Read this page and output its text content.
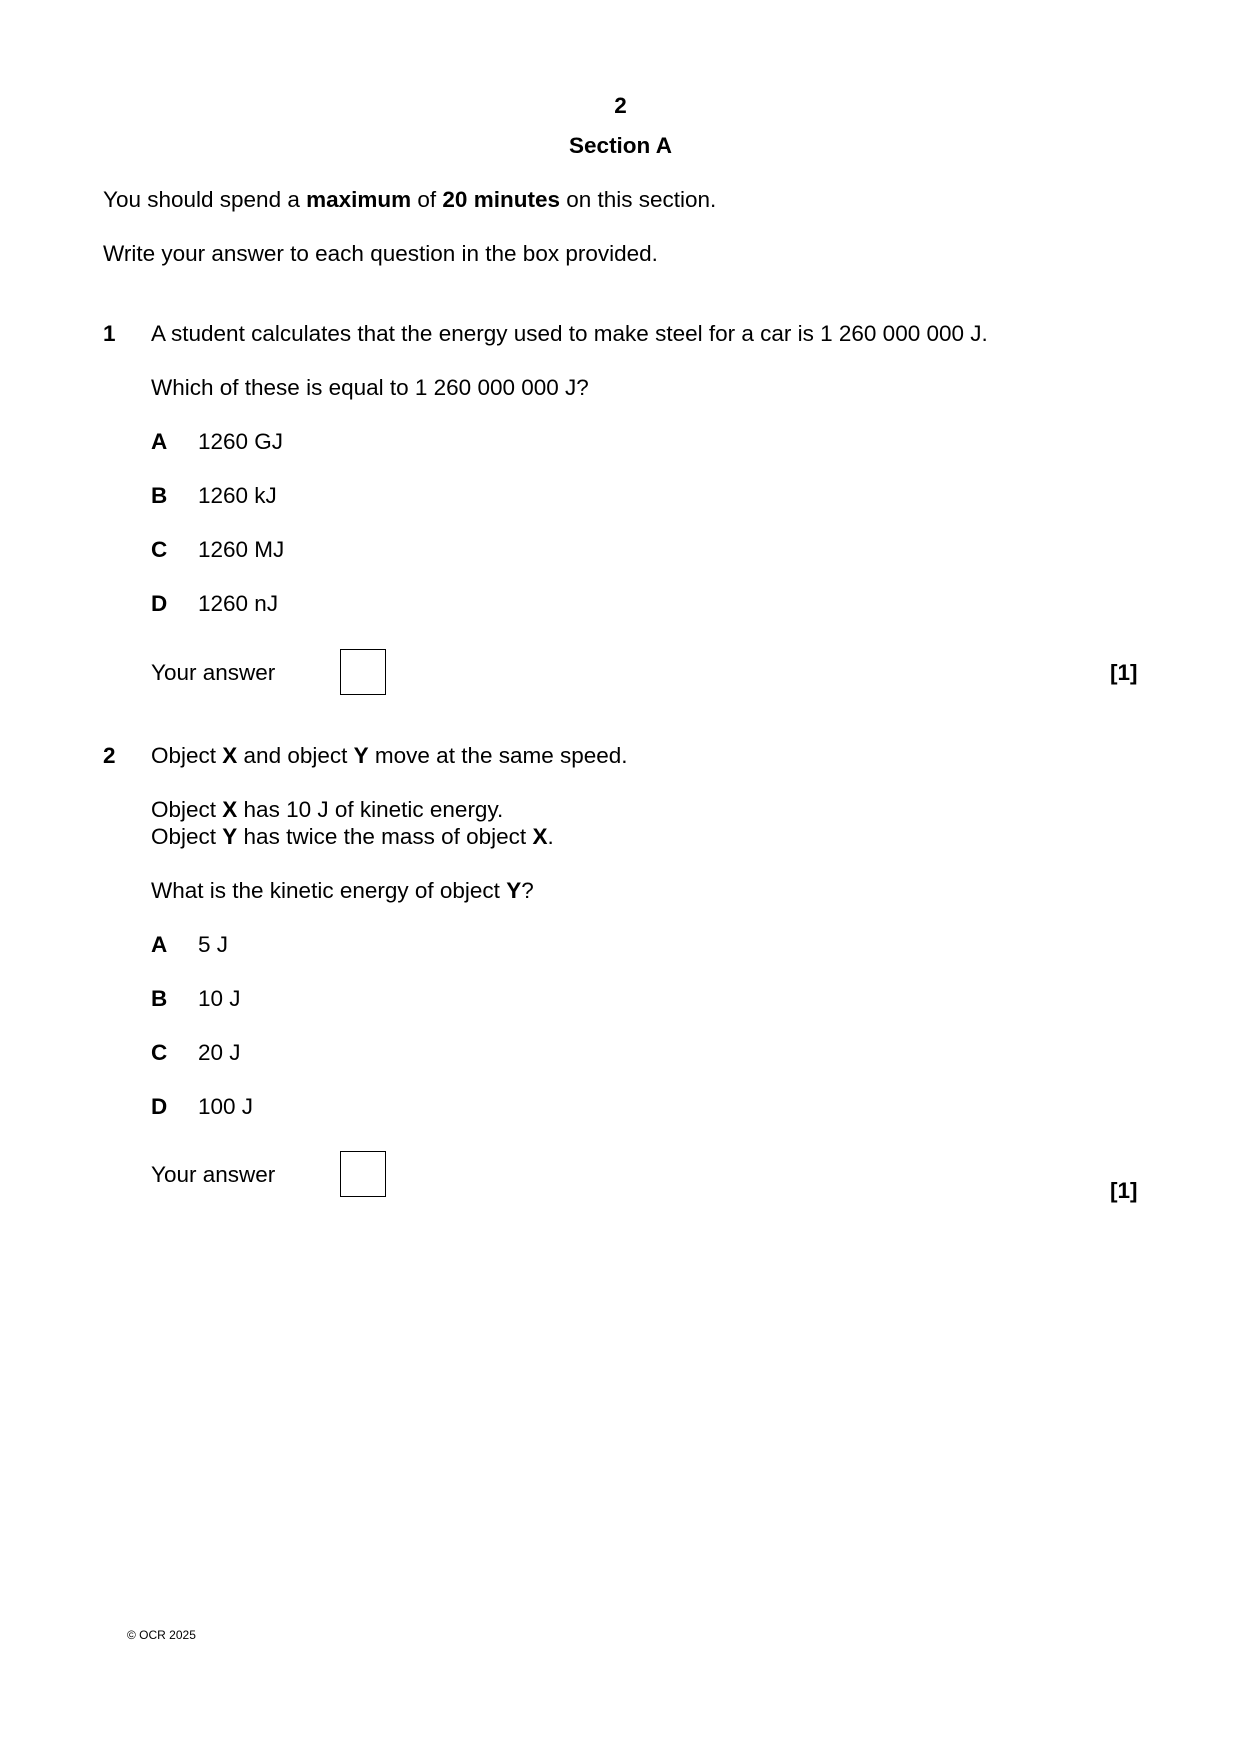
2
Section A
You should spend a maximum of 20 minutes on this section.
Write your answer to each question in the box provided.
1 A student calculates that the energy used to make steel for a car is 1 260 000 000 J.
Which of these is equal to 1 260 000 000 J?
A 1260 GJ
B 1260 kJ
C 1260 MJ
D 1260 nJ
Your answer	[1]
2 Object X and object Y move at the same speed.
Object X has 10 J of kinetic energy.
Object Y has twice the mass of object X.
What is the kinetic energy of object Y?
A 5 J
B 10 J
C 20 J
D 100 J
Your answer
[1]
© OCR 2025
